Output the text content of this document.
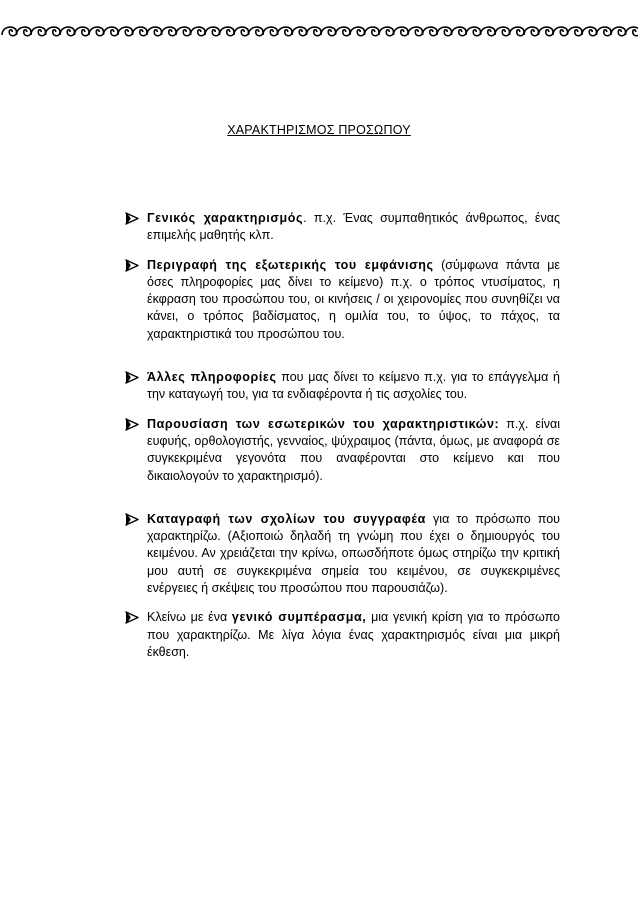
ΧΑΡΑΚΤΗΡΙΣΜΟΣ ΠΡΟΣΩΠΟΥ

Γενικός χαρακτηρισμός. π.χ. Ένας συμπαθητικός άνθρωπος, ένας επιμελής μαθητής κλπ.

Περιγραφή της εξωτερικής του εμφάνισης (σύμφωνα πάντα με όσες πληροφορίες μας δίνει το κείμενο) π.χ. ο τρόπος ντυσίματος, η έκφραση του προσώπου του, οι κινήσεις / οι χειρονομίες που συνηθίζει να κάνει, ο τρόπος βαδίσματος, η ομιλία του, το ύψος, το πάχος, τα χαρακτηριστικά του προσώπου του.

Άλλες πληροφορίες που μας δίνει το κείμενο π.χ. για το επάγγελμα ή την καταγωγή του, για τα ενδιαφέροντα ή τις ασχολίες του.

Παρουσίαση των εσωτερικών του χαρακτηριστικών: π.χ. είναι ευφυής, ορθολογιστής, γενναίος, ψύχραιμος (πάντα, όμως, με αναφορά σε συγκεκριμένα γεγονότα που αναφέρονται στο κείμενο και που δικαιολογούν το χαρακτηρισμό).

Καταγραφή των σχολίων του συγγραφέα για το πρόσωπο που χαρακτηρίζω. (Αξιοποιώ δηλαδή τη γνώμη που έχει ο δημιουργός του κειμένου. Αν χρειάζεται την κρίνω, οπωσδήποτε όμως στηρίζω την κριτική μου αυτή σε συγκεκριμένα σημεία του κειμένου, σε συγκεκριμένες ενέργειες ή σκέψεις του προσώπου που παρουσιάζω).

Κλείνω με ένα γενικό συμπέρασμα, μια γενική κρίση για το πρόσωπο που χαρακτηρίζω. Με λίγα λόγια ένας χαρακτηρισμός είναι μια μικρή έκθεση.
